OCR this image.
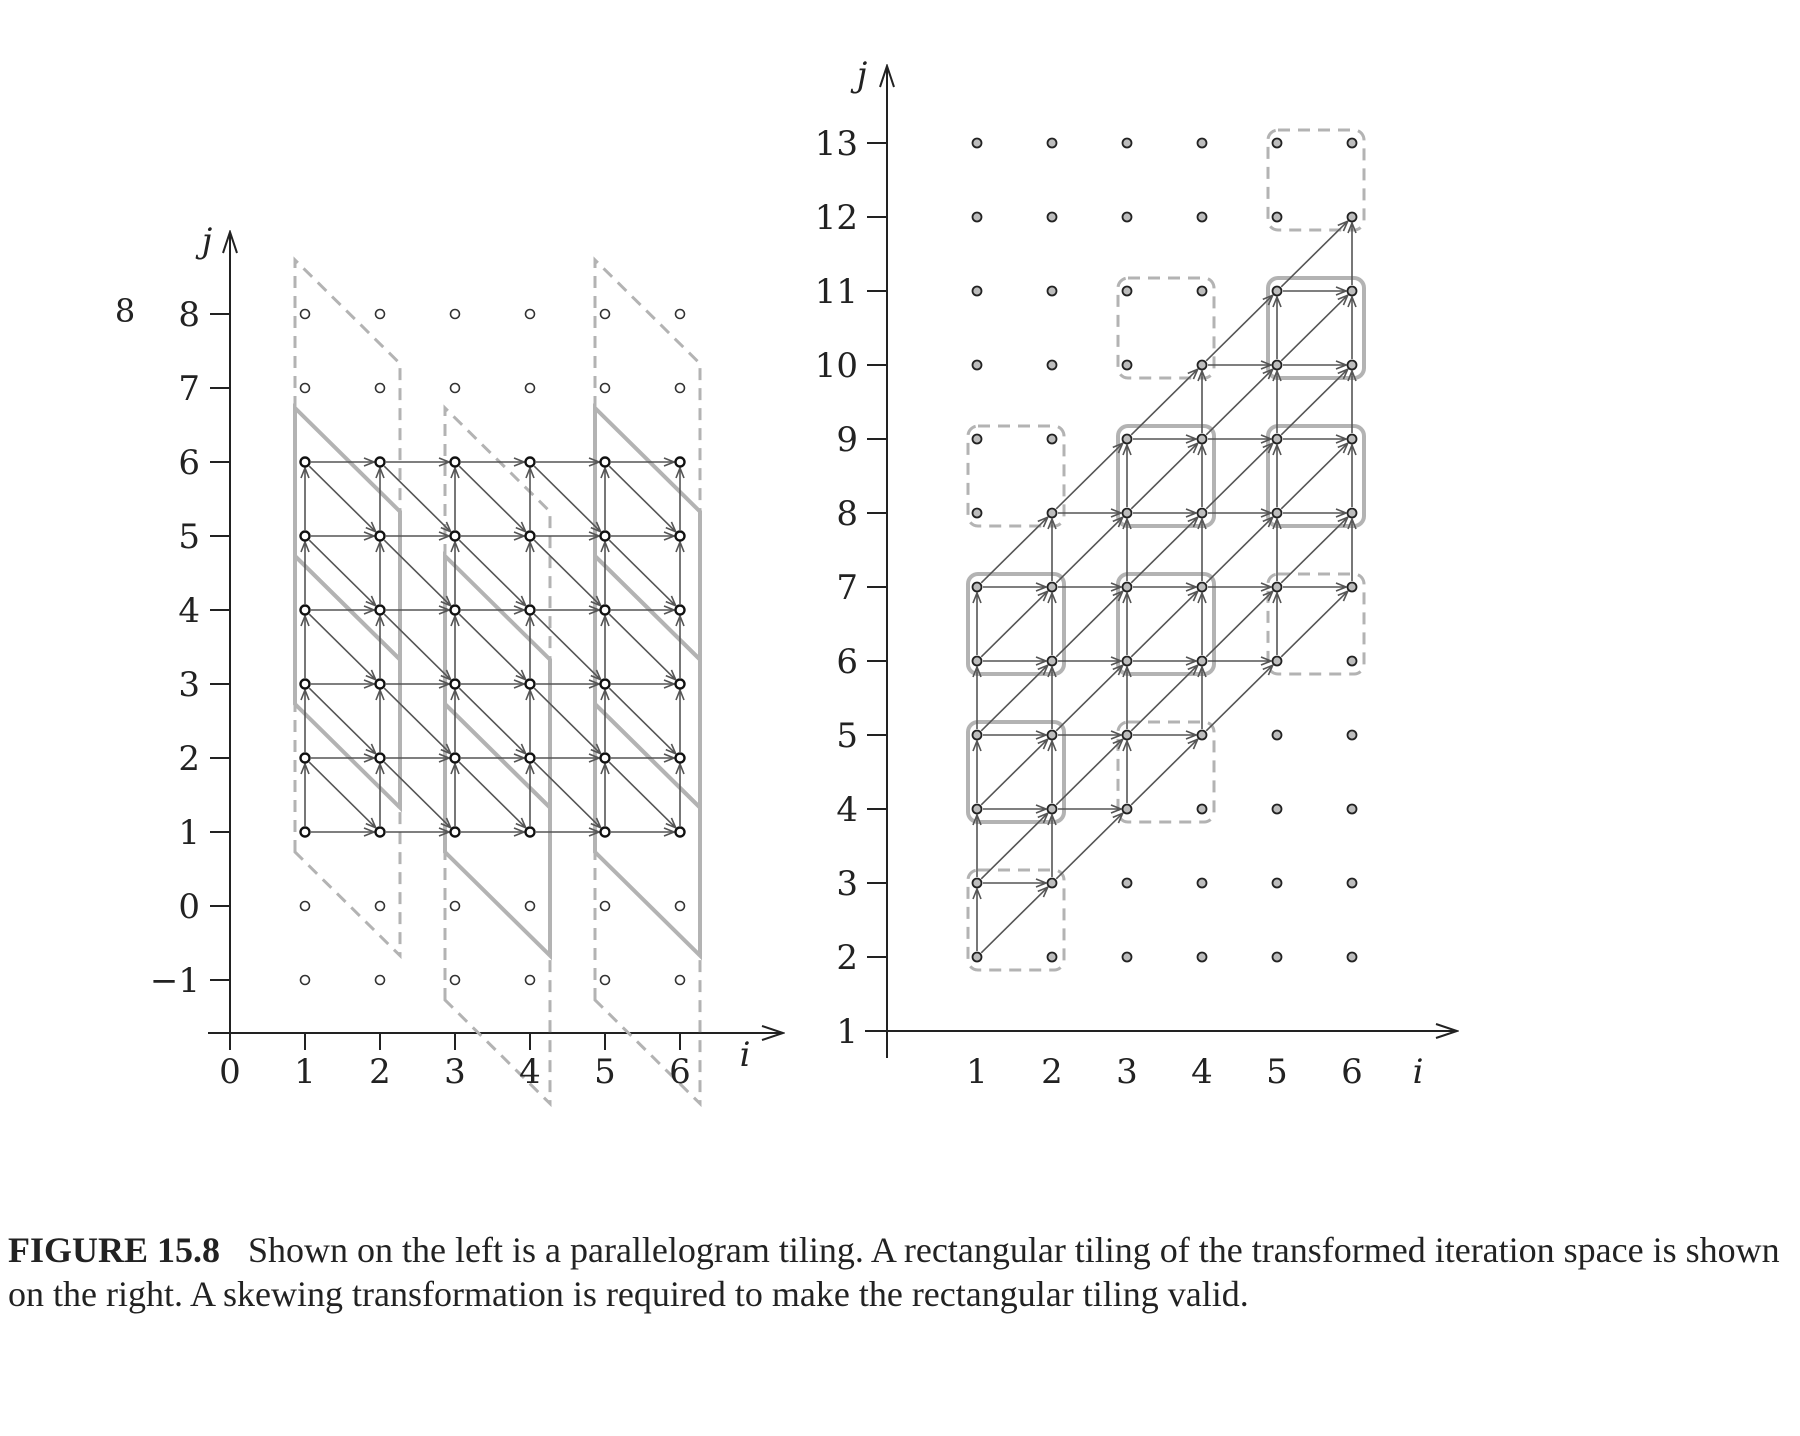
8
−1
0
1
2
3
4
5
6
7
8
0 1 2 3 4 5 6 i
j
1
2
3
4
5
6
7
8
9
10
11
12
13
1 2 3 4 5 6 i
j
FIGURE 15.8 Shown on the left is a parallelogram tiling. A rectangular tiling of the transformed iteration space is shown on the right. A skewing transformation is required to make the rectangular tiling valid.
